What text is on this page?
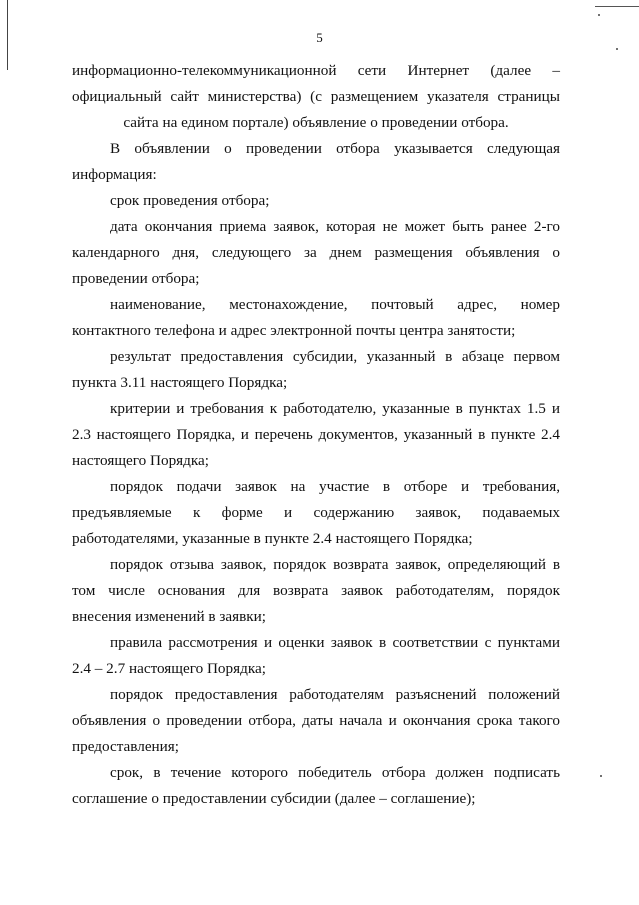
5

информационно-телекоммуникационной сети Интернет (далее – официальный сайт министерства) (с размещением указателя страницы сайта на едином портале) объявление о проведении отбора.

В объявлении о проведении отбора указывается следующая информация:

срок проведения отбора;

дата окончания приема заявок, которая не может быть ранее 2-го календарного дня, следующего за днем размещения объявления о проведении отбора;

наименование, местонахождение, почтовый адрес, номер контактного телефона и адрес электронной почты центра занятости;

результат предоставления субсидии, указанный в абзаце первом пункта 3.11 настоящего Порядка;

критерии и требования к работодателю, указанные в пунктах 1.5 и 2.3 настоящего Порядка, и перечень документов, указанный в пункте 2.4 настоящего Порядка;

порядок подачи заявок на участие в отборе и требования, предъявляемые к форме и содержанию заявок, подаваемых работодателями, указанные в пункте 2.4 настоящего Порядка;

порядок отзыва заявок, порядок возврата заявок, определяющий в том числе основания для возврата заявок работодателям, порядок внесения изменений в заявки;

правила рассмотрения и оценки заявок в соответствии с пунктами 2.4 – 2.7 настоящего Порядка;

порядок предоставления работодателям разъяснений положений объявления о проведении отбора, даты начала и окончания срока такого предоставления;

срок, в течение которого победитель отбора должен подписать соглашение о предоставлении субсидии (далее – соглашение);
